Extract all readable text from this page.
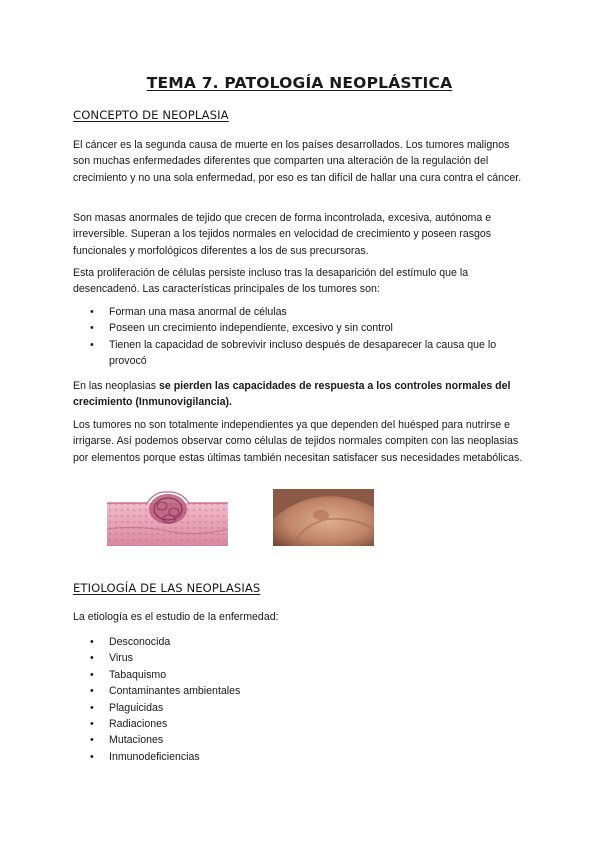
TEMA 7. PATOLOGÍA NEOPLÁSTICA
CONCEPTO DE NEOPLASIA

El cáncer es la segunda causa de muerte en los países desarrollados. Los tumores malignos son muchas enfermedades diferentes que comparten una alteración de la regulación del crecimiento y no una sola enfermedad, por eso es tan difícil de hallar una cura contra el cáncer.

Son masas anormales de tejido que crecen de forma incontrolada, excesiva, autónoma e irreversible. Superan a los tejidos normales en velocidad de crecimiento y poseen rasgos funcionales y morfológicos diferentes a los de sus precursoras.

Esta proliferación de células persiste incluso tras la desaparición del estímulo que la desencadenó. Las características principales de los tumores son:

• Forman una masa anormal de células
• Poseen un crecimiento independiente, excesivo y sin control
• Tienen la capacidad de sobrevivir incluso después de desaparecer la causa que lo provocó

En las neoplasias se pierden las capacidades de respuesta a los controles normales del crecimiento (Inmunovigilancia).

Los tumores no son totalmente independientes ya que dependen del huésped para nutrirse e irrigarse. Así podemos observar como células de tejidos normales compiten con las neoplasias por elementos porque estas últimas también necesitan satisfacer sus necesidades metabólicas.

ETIOLOGÍA DE LAS NEOPLASIAS

La etiología es el estudio de la enfermedad:

• Desconocida
• Virus
• Tabaquismo
• Contaminantes ambientales
• Plaguicidas
• Radiaciones
• Mutaciones
• Inmunodeficiencias
